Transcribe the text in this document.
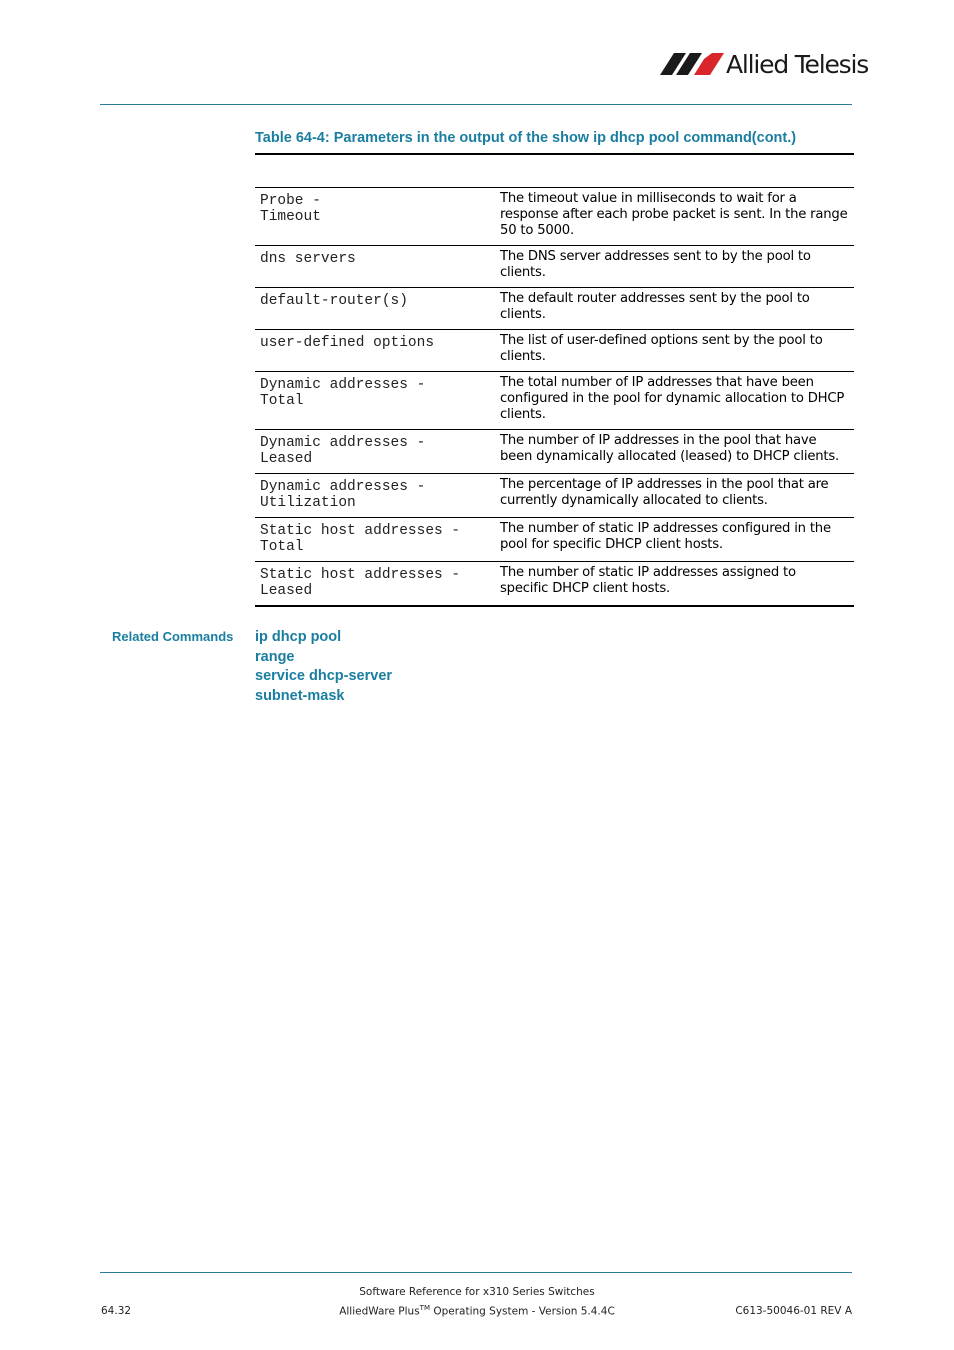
Allied Telesis
Table 64-4: Parameters in the output of the show ip dhcp pool command(cont.)
Probe -
Timeout	The timeout value in milliseconds to wait for a response after each probe packet is sent. In the range 50 to 5000.

dns servers	The DNS server addresses sent to by the pool to clients.

default-router(s)	The default router addresses sent by the pool to clients.

user-defined options	The list of user-defined options sent by the pool to clients.

Dynamic addresses -
Total	The total number of IP addresses that have been configured in the pool for dynamic allocation to DHCP clients.

Dynamic addresses -
Leased	The number of IP addresses in the pool that have been dynamically allocated (leased) to DHCP clients.

Dynamic addresses -
Utilization	The percentage of IP addresses in the pool that are currently dynamically allocated to clients.

Static host addresses -
Total	The number of static IP addresses configured in the pool for specific DHCP client hosts.

Static host addresses -
Leased	The number of static IP addresses assigned to specific DHCP client hosts.
Related Commands ip dhcp pool
range
service dhcp-server
subnet-mask
Software Reference for x310 Series Switches
64.32	AlliedWare Plus™ Operating System - Version 5.4.4C	C613-50046-01 REV A
